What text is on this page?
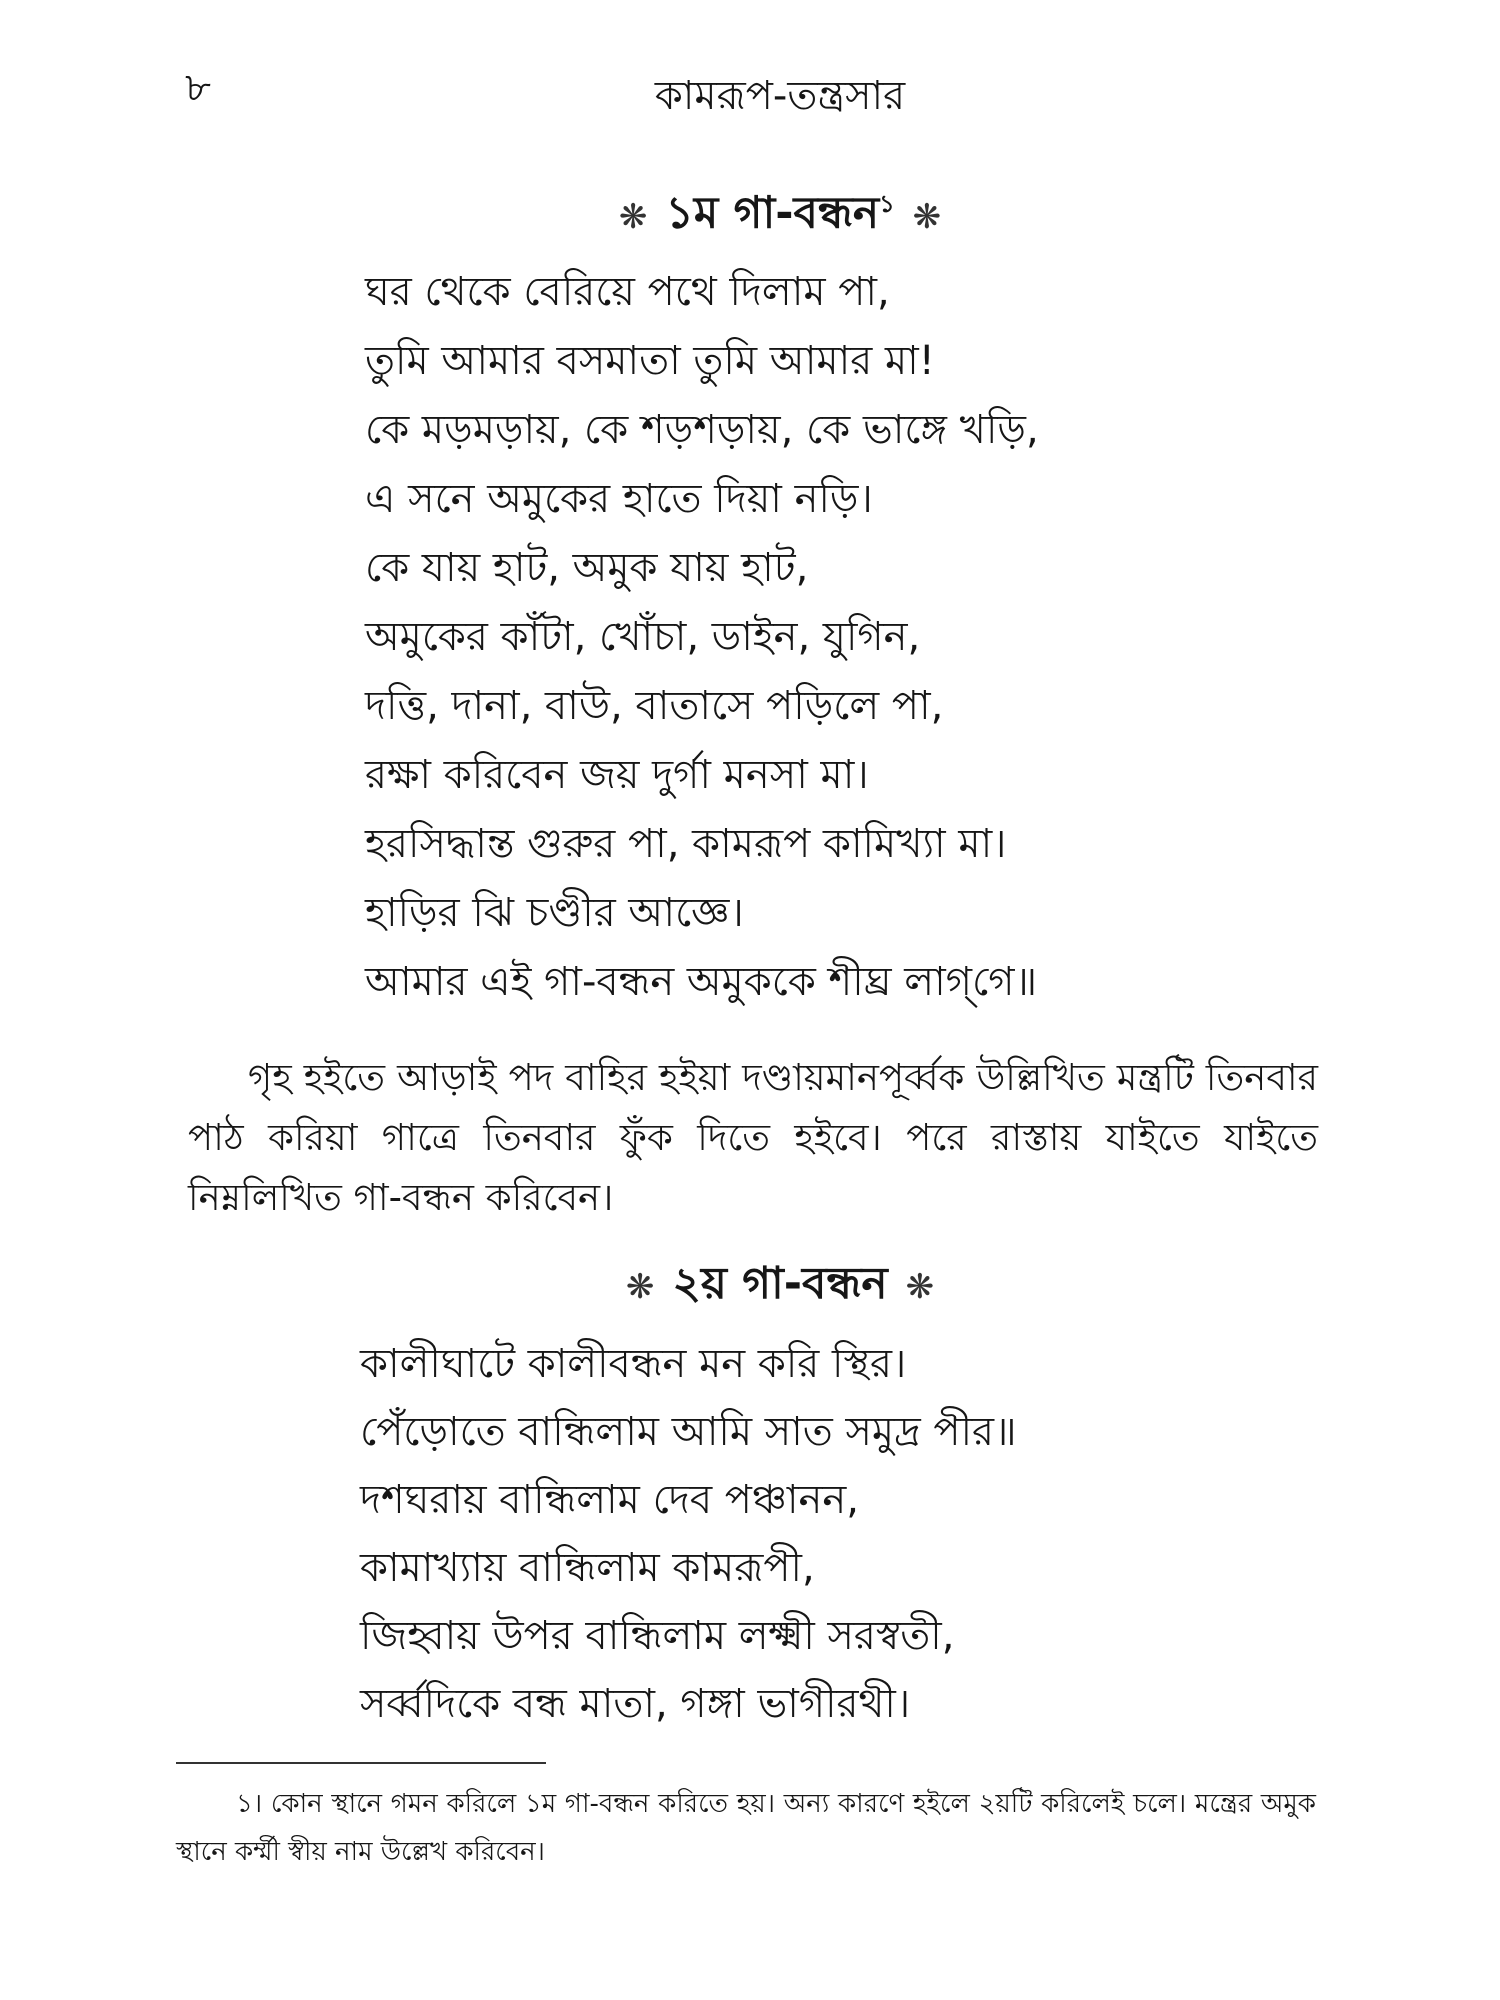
৮	কামরূপ-তন্ত্রসার
❋ ১ম গা-বন্ধন$^১$ ❋
ঘর থেকে বেরিয়ে পথে দিলাম পা,
তুমি আমার বসমাতা তুমি আমার মা!
কে মড়মড়ায়, কে শড়শড়ায়, কে ভাঙ্গে খড়ি,
এ সনে অমুকের হাতে দিয়া নড়ি।
কে যায় হাট, অমুক যায় হাট,
অমুকের কাঁটা, খোঁচা, ডাইন, যুগিন,
দত্তি, দানা, বাউ, বাতাসে পড়িলে পা,
রক্ষা করিবেন জয় দুর্গা মনসা মা।
হরসিদ্ধান্ত গুরুর পা, কামরূপ কামিখ্যা মা।
হাড়ির ঝি চণ্ডীর আজ্ঞে।
আমার এই গা-বন্ধন অমুককে শীঘ্র লাগ্‌গে॥

গৃহ হইতে আড়াই পদ বাহির হইয়া দণ্ডায়মানপূর্ব্বক উল্লিখিত মন্ত্রটি তিনবার পাঠ করিয়া গাত্রে তিনবার ফুঁক দিতে হইবে। পরে রাস্তায় যাইতে যাইতে নিম্নলিখিত গা-বন্ধন করিবেন।

❋ ২য় গা-বন্ধন ❋
কালীঘাটে কালীবন্ধন মন করি স্থির।
পেঁড়োতে বান্ধিলাম আমি সাত সমুদ্র পীর॥
দশঘরায় বান্ধিলাম দেব পঞ্চানন,
কামাখ্যায় বান্ধিলাম কামরূপী,
জিহ্বায় উপর বান্ধিলাম লক্ষ্মী সরস্বতী,
সর্ব্বদিকে বন্ধ মাতা, গঙ্গা ভাগীরথী।

১। কোন স্থানে গমন করিলে ১ম গা-বন্ধন করিতে হয়। অন্য কারণে হইলে ২য়টি করিলেই চলে। মন্ত্রের অমুক স্থানে কর্ম্মী স্বীয় নাম উল্লেখ করিবেন।
